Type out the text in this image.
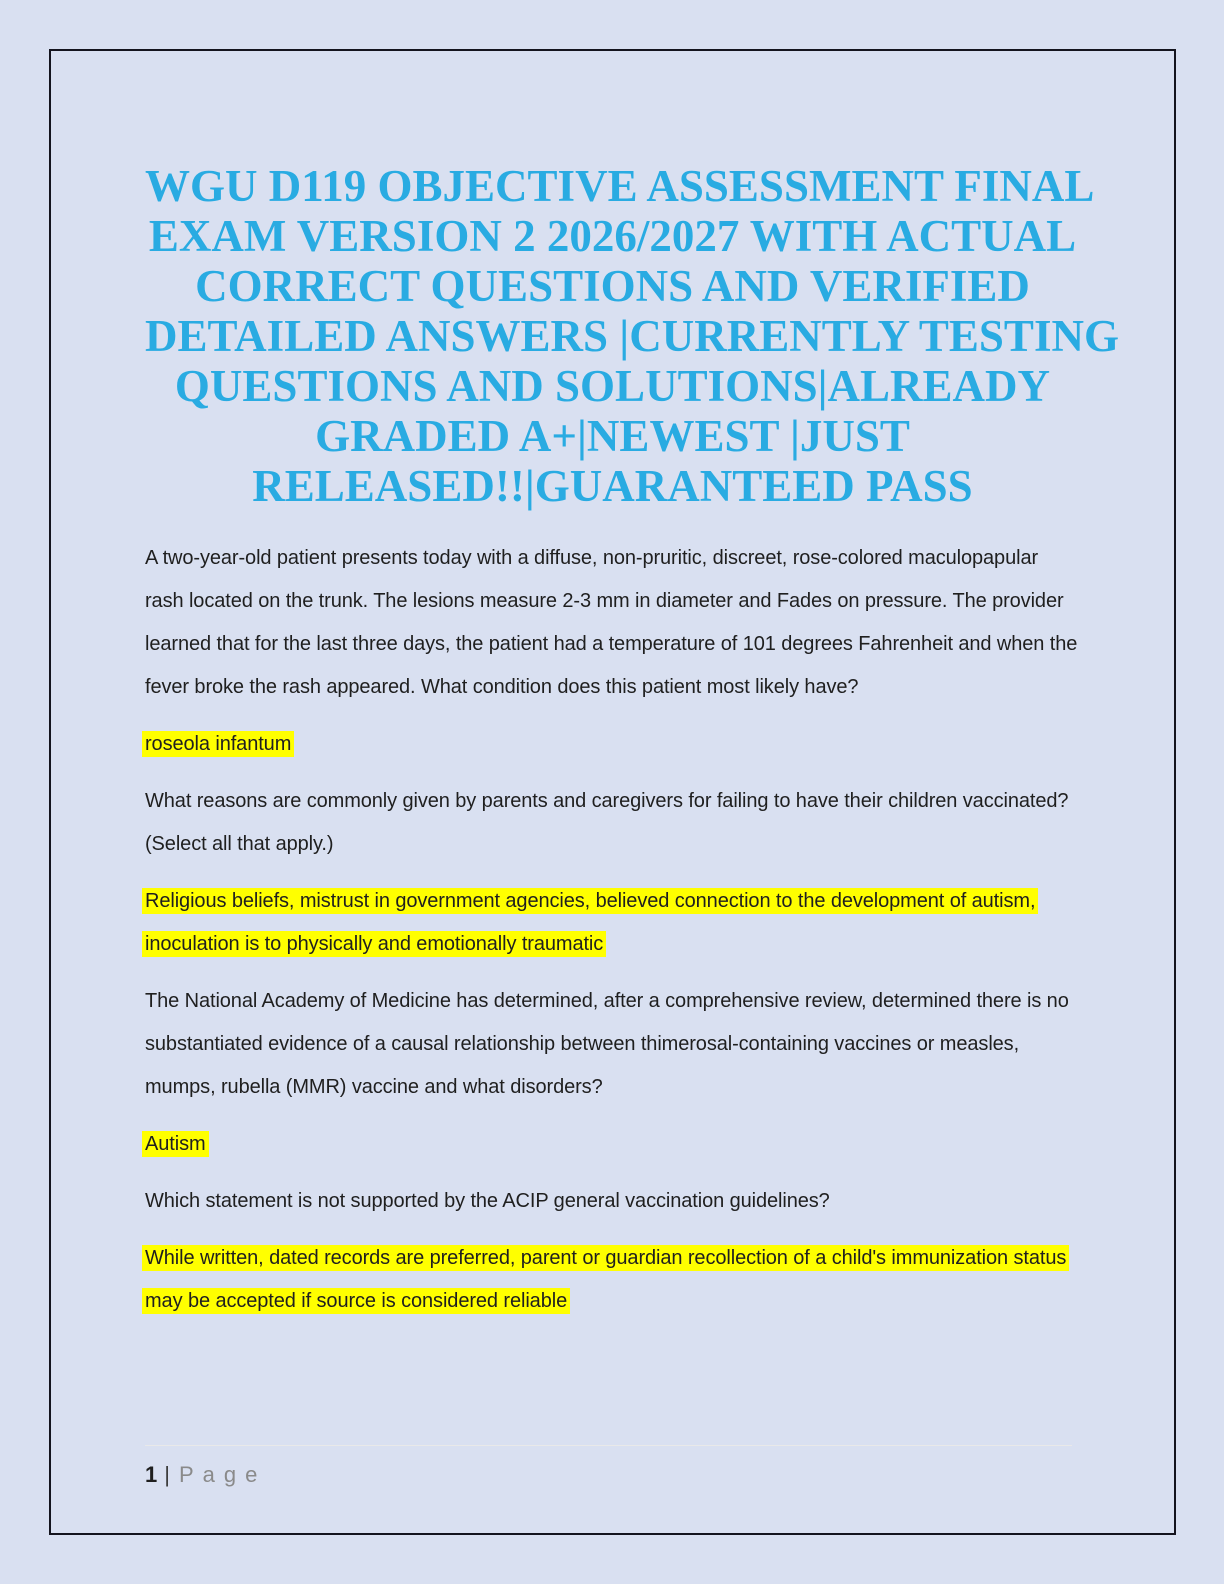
WGU D119 OBJECTIVE ASSESSMENT FINAL
EXAM VERSION 2 2026/2027 WITH ACTUAL
CORRECT QUESTIONS AND VERIFIED
DETAILED ANSWERS |CURRENTLY TESTING
QUESTIONS AND SOLUTIONS|ALREADY
GRADED A+|NEWEST |JUST
RELEASED!!|GUARANTEED PASS

A two-year-old patient presents today with a diffuse, non-pruritic, discreet, rose-colored maculopapular rash located on the trunk. The lesions measure 2-3 mm in diameter and Fades on pressure. The provider learned that for the last three days, the patient had a temperature of 101 degrees Fahrenheit and when the fever broke the rash appeared. What condition does this patient most likely have?

roseola infantum

What reasons are commonly given by parents and caregivers for failing to have their children vaccinated? (Select all that apply.)

Religious beliefs, mistrust in government agencies, believed connection to the development of autism, inoculation is to physically and emotionally traumatic

The National Academy of Medicine has determined, after a comprehensive review, determined there is no substantiated evidence of a causal relationship between thimerosal-containing vaccines or measles, mumps, rubella (MMR) vaccine and what disorders?

Autism

Which statement is not supported by the ACIP general vaccination guidelines?

While written, dated records are preferred, parent or guardian recollection of a child's immunization status may be accepted if source is considered reliable

1 | Page
